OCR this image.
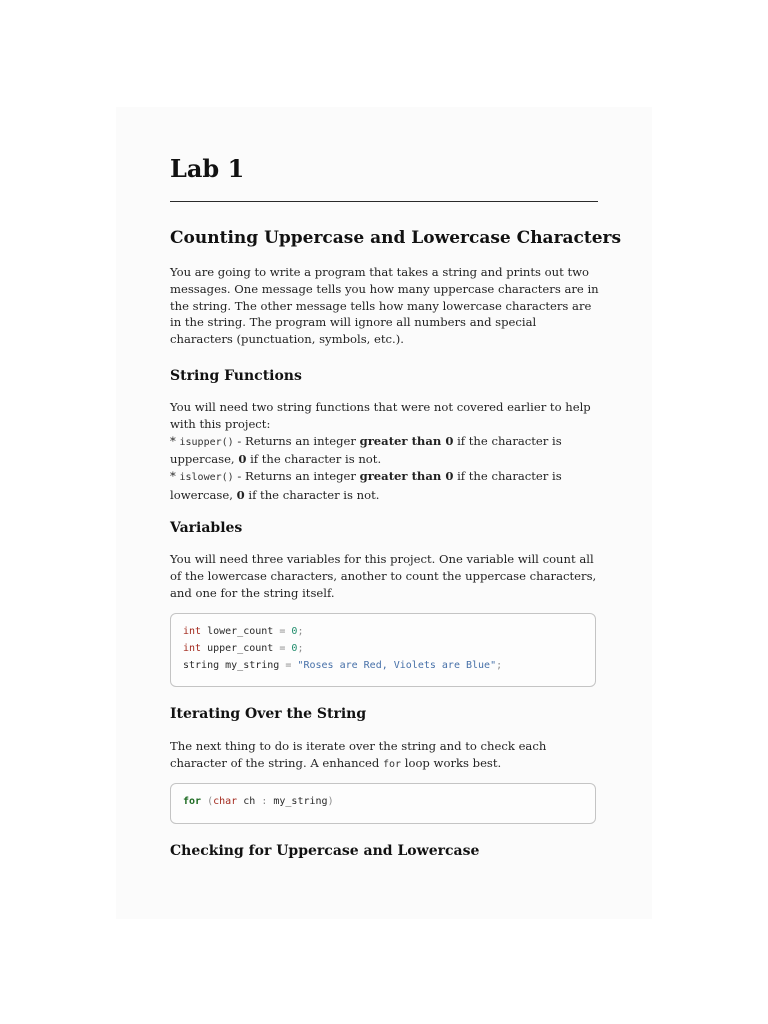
Lab 1
Counting Uppercase and Lowercase Characters

You are going to write a program that takes a string and prints out two messages. One message tells you how many uppercase characters are in the string. The other message tells how many lowercase characters are in the string. The program will ignore all numbers and special characters (punctuation, symbols, etc.).

String Functions

You will need two string functions that were not covered earlier to help with this project:
* isupper() - Returns an integer greater than 0 if the character is uppercase, 0 if the character is not.
* islower() - Returns an integer greater than 0 if the character is lowercase, 0 if the character is not.

Variables

You will need three variables for this project. One variable will count all of the lowercase characters, another to count the uppercase characters, and one for the string itself.

int lower_count = 0;
int upper_count = 0;
string my_string = "Roses are Red, Violets are Blue";
Iterating Over the String

The next thing to do is iterate over the string and to check each character of the string. A enhanced for loop works best.

for (char ch : my_string)
Checking for Uppercase and Lowercase
